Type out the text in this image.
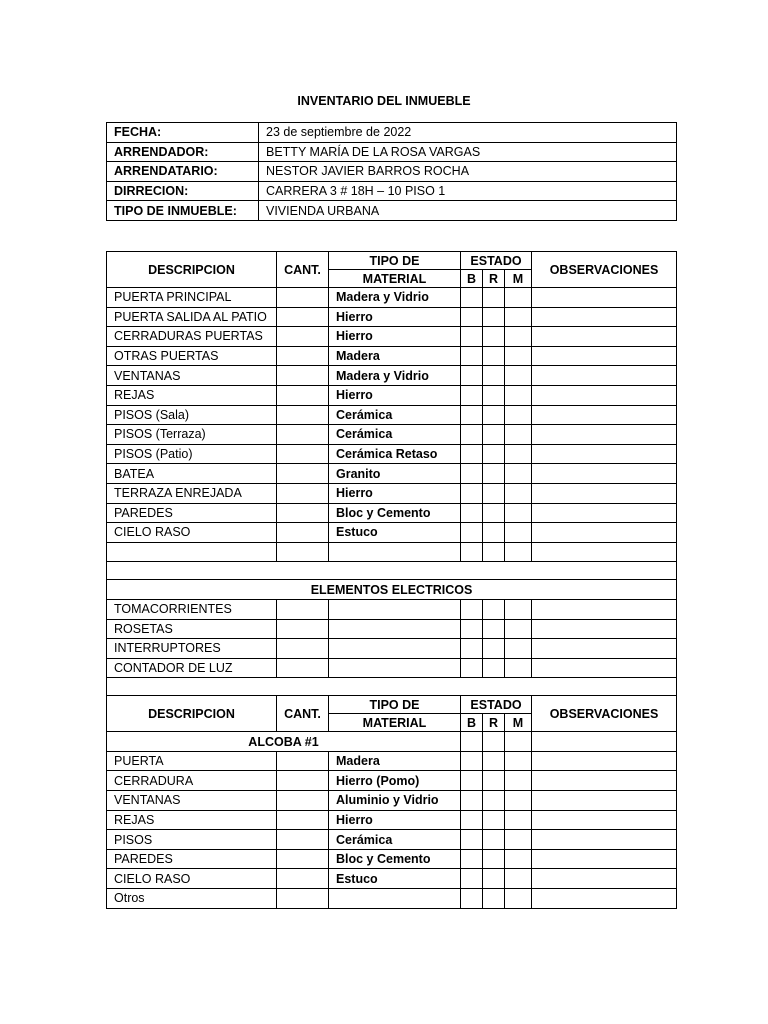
INVENTARIO DEL INMUEBLE
FECHA:	23 de septiembre de 2022
ARRENDADOR:	BETTY MARÍA DE LA ROSA VARGAS
ARRENDATARIO:	NESTOR JAVIER BARROS ROCHA
DIRRECION:	CARRERA 3 # 18H – 10 PISO 1
TIPO DE INMUEBLE:	VIVIENDA URBANA
DESCRIPCION	CANT.	TIPO DE	ESTADO			OBSERVACIONES
		MATERIAL	B	R	M	
PUERTA PRINCIPAL		Madera y Vidrio				
PUERTA SALIDA AL PATIO		Hierro				
CERRADURAS PUERTAS		Hierro				
OTRAS PUERTAS		Madera				
VENTANAS		Madera y Vidrio				
REJAS		Hierro				
PISOS (Sala)		Cerámica				
PISOS (Terraza)		Cerámica				
PISOS (Patio)		Cerámica Retaso				
BATEA		Granito				
TERRAZA ENREJADA		Hierro				
PAREDES		Bloc y Cemento				
CIELO RASO		Estuco				

ELEMENTOS ELECTRICOS						
TOMACORRIENTES						
ROSETAS						
INTERRUPTORES						
CONTADOR DE LUZ						

DESCRIPCION	CANT.	TIPO DE	ESTADO			OBSERVACIONES
		MATERIAL	B	R	M	
ALCOBA #1						
PUERTA		Madera				
CERRADURA		Hierro (Pomo)				
VENTANAS		Aluminio y Vidrio				
REJAS		Hierro				
PISOS		Cerámica				
PAREDES		Bloc y Cemento				
CIELO RASO		Estuco				
Otros						
